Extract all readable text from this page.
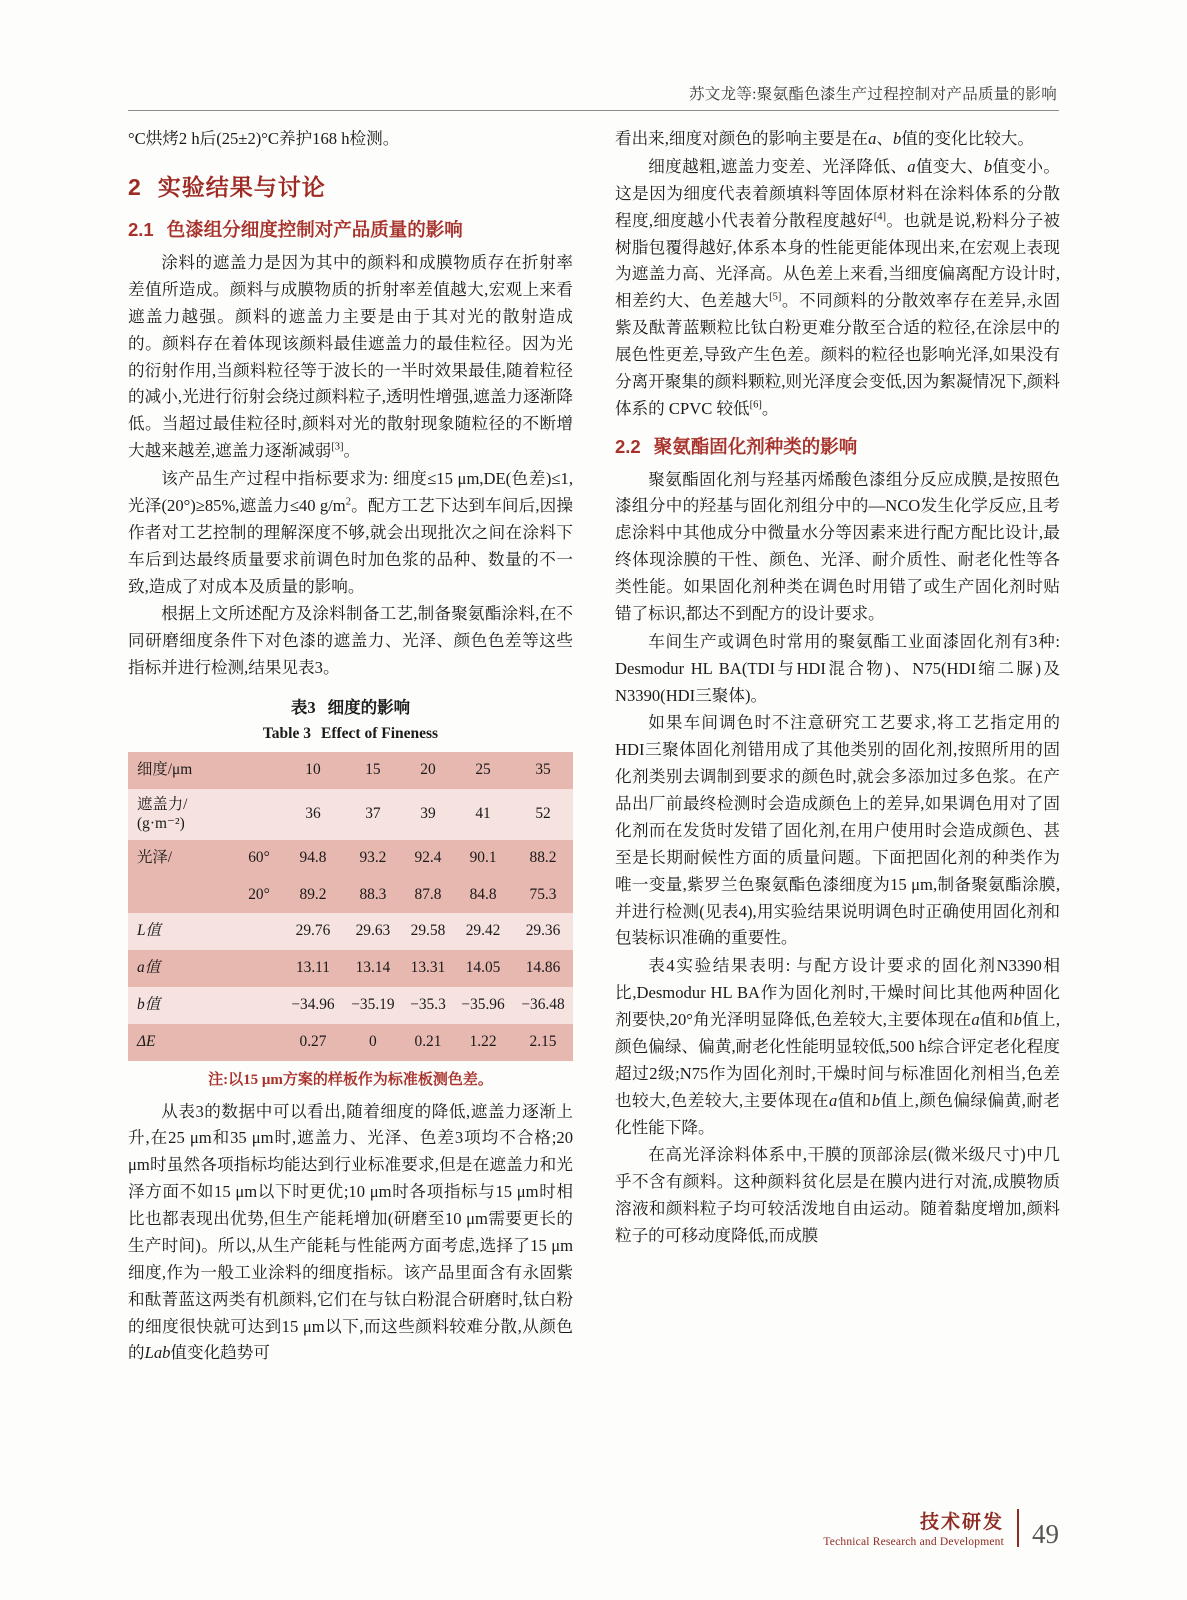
苏文龙等:聚氨酯色漆生产过程控制对产品质量的影响

°C烘烤2 h后(25±2)°C养护168 h检测。

2 实验结果与讨论
2.1 色漆组分细度控制对产品质量的影响

涂料的遮盖力是因为其中的颜料和成膜物质存在折射率差值所造成。颜料与成膜物质的折射率差值越大,宏观上来看遮盖力越强。颜料的遮盖力主要是由于其对光的散射造成的。颜料存在着体现该颜料最佳遮盖力的最佳粒径。因为光的衍射作用,当颜料粒径等于波长的一半时效果最佳,随着粒径的减小,光进行衍射会绕过颜料粒子,透明性增强,遮盖力逐渐降低。当超过最佳粒径时,颜料对光的散射现象随粒径的不断增大越来越差,遮盖力逐渐减弱[3]。

该产品生产过程中指标要求为: 细度≤15 μm,DE(色差)≤1,光泽(20°)≥85%,遮盖力≤40 $g/m^2$。配方工艺下达到车间后,因操作者对工艺控制的理解深度不够,就会出现批次之间在涂料下车后到达最终质量要求前调色时加色浆的品种、数量的不一致,造成了对成本及质量的影响。

根据上文所述配方及涂料制备工艺,制备聚氨酯涂料,在不同研磨细度条件下对色漆的遮盖力、光泽、颜色色差等这些指标并进行检测,结果见表3。

表3 细度的影响
Table 3 Effect of Fineness
细度/μm		10	15	20	25	35

遮盖力/
(g·m⁻²)		36	37	39	41	52
光泽/	60°	94.8	93.2	92.4	90.1	88.2
	20°	89.2	88.3	87.8	84.8	75.3
L值		29.76	29.63	29.58	29.42	29.36
a值		13.11	13.14	13.31	14.05	14.86
b值		−34.96	−35.19	−35.3	−35.96	−36.48
ΔE		0.27	0	0.21	1.22	2.15
注:以15 μm方案的样板作为标准板测色差。

从表3的数据中可以看出,随着细度的降低,遮盖力逐渐上升,在25 μm和35 μm时,遮盖力、光泽、色差3项均不合格;20 μm时虽然各项指标均能达到行业标准要求,但是在遮盖力和光泽方面不如15 μm以下时更优;10 μm时各项指标与15 μm时相比也都表现出优势,但生产能耗增加(研磨至10 μm需要更长的生产时间)。所以,从生产能耗与性能两方面考虑,选择了15 μm细度,作为一般工业涂料的细度指标。该产品里面含有永固紫和酞菁蓝这两类有机颜料,它们在与钛白粉混合研磨时,钛白粉的细度很快就可达到15 μm以下,而这些颜料较难分散,从颜色的Lab值变化趋势可

看出来,细度对颜色的影响主要是在a、b值的变化比较大。

细度越粗,遮盖力变差、光泽降低、a值变大、b值变小。这是因为细度代表着颜填料等固体原材料在涂料体系的分散程度,细度越小代表着分散程度越好[4]。也就是说,粉料分子被树脂包覆得越好,体系本身的性能更能体现出来,在宏观上表现为遮盖力高、光泽高。从色差上来看,当细度偏离配方设计时,相差约大、色差越大[5]。不同颜料的分散效率存在差异,永固紫及酞菁蓝颗粒比钛白粉更难分散至合适的粒径,在涂层中的展色性更差,导致产生色差。颜料的粒径也影响光泽,如果没有分离开聚集的颜料颗粒,则光泽度会变低,因为絮凝情况下,颜料体系的 CPVC 较低[6]。

2.2 聚氨酯固化剂种类的影响

聚氨酯固化剂与羟基丙烯酸色漆组分反应成膜,是按照色漆组分中的羟基与固化剂组分中的—NCO发生化学反应,且考虑涂料中其他成分中微量水分等因素来进行配方配比设计,最终体现涂膜的干性、颜色、光泽、耐介质性、耐老化性等各类性能。如果固化剂种类在调色时用错了或生产固化剂时贴错了标识,都达不到配方的设计要求。

车间生产或调色时常用的聚氨酯工业面漆固化剂有3种: Desmodur HL BA(TDI与HDI混合物)、N75(HDI缩二脲)及N3390(HDI三聚体)。

如果车间调色时不注意研究工艺要求,将工艺指定用的HDI三聚体固化剂错用成了其他类别的固化剂,按照所用的固化剂类别去调制到要求的颜色时,就会多添加过多色浆。在产品出厂前最终检测时会造成颜色上的差异,如果调色用对了固化剂而在发货时发错了固化剂,在用户使用时会造成颜色、甚至是长期耐候性方面的质量问题。下面把固化剂的种类作为唯一变量,紫罗兰色聚氨酯色漆细度为15 μm,制备聚氨酯涂膜,并进行检测(见表4),用实验结果说明调色时正确使用固化剂和包装标识准确的重要性。

表4实验结果表明: 与配方设计要求的固化剂N3390相比,Desmodur HL BA作为固化剂时,干燥时间比其他两种固化剂要快,20°角光泽明显降低,色差较大,主要体现在a值和b值上,颜色偏绿、偏黄,耐老化性能明显较低,500 h综合评定老化程度超过2级;N75作为固化剂时,干燥时间与标准固化剂相当,色差也较大,色差较大,主要体现在a值和b值上,颜色偏绿偏黄,耐老化性能下降。

在高光泽涂料体系中,干膜的顶部涂层(微米级尺寸)中几乎不含有颜料。这种颜料贫化层是在膜内进行对流,成膜物质溶液和颜料粒子均可较活泼地自由运动。随着黏度增加,颜料粒子的可移动度降低,而成膜

技术研发
Technical Research and Development 49
